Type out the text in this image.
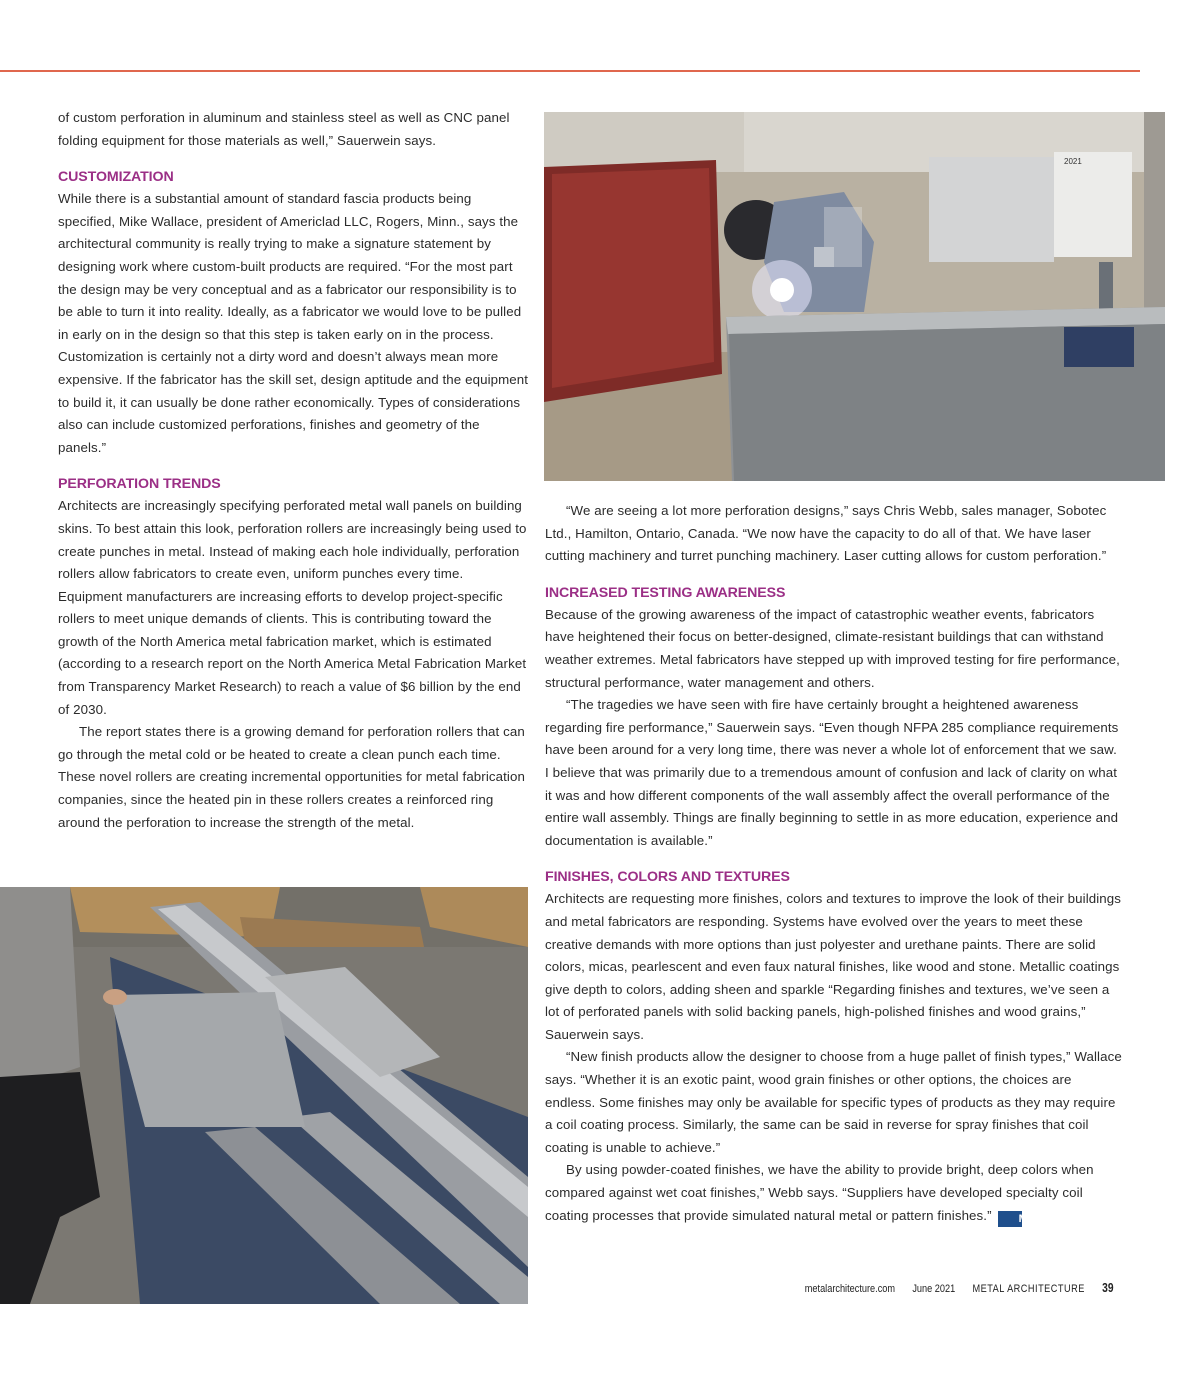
of custom perforation in aluminum and stainless steel as well as CNC panel folding equipment for those materials as well,” Sauerwein says.

CUSTOMIZATION

While there is a substantial amount of standard fascia products being specified, Mike Wallace, president of Americlad LLC, Rogers, Minn., says the architectural community is really trying to make a signature statement by designing work where custom-built products are required. “For the most part the design may be very conceptual and as a fabricator our responsibility is to be able to turn it into reality. Ideally, as a fabricator we would love to be pulled in early on in the design so that this step is taken early on in the process. Customization is certainly not a dirty word and doesn’t always mean more expensive. If the fabricator has the skill set, design aptitude and the equipment to build it, it can usually be done rather economically. Types of considerations also can include customized perforations, finishes and geometry of the panels.”

PERFORATION TRENDS

Architects are increasingly specifying perforated metal wall panels on building skins. To best attain this look, perforation rollers are increasingly being used to create punches in metal. Instead of making each hole individually, perforation rollers allow fabricators to create even, uniform punches every time. Equipment manufacturers are increasing efforts to develop project-specific rollers to meet unique demands of clients. This is contributing toward the growth of the North America metal fabrication market, which is estimated (according to a research report on the North America Metal Fabrication Market from Transparency Market Research) to reach a value of $6 billion by the end of 2030.

The report states there is a growing demand for perforation rollers that can go through the metal cold or be heated to create a clean punch each time. These novel rollers are creating incremental opportunities for metal fabrication companies, since the heated pin in these rollers creates a reinforced ring around the perforation to increase the strength of the metal.

2021

“We are seeing a lot more perforation designs,” says Chris Webb, sales manager, Sobotec Ltd., Hamilton, Ontario, Canada. “We now have the capacity to do all of that. We have laser cutting machinery and turret punching machinery. Laser cutting allows for custom perforation.”

INCREASED TESTING AWARENESS

Because of the growing awareness of the impact of catastrophic weather events, fabricators have heightened their focus on better-designed, climate-resistant buildings that can withstand weather extremes. Metal fabricators have stepped up with improved testing for fire performance, structural performance, water management and others.

“The tragedies we have seen with fire have certainly brought a heightened awareness regarding fire performance,” Sauerwein says. “Even though NFPA 285 compliance requirements have been around for a very long time, there was never a whole lot of enforcement that we saw. I believe that was primarily due to a tremendous amount of confusion and lack of clarity on what it was and how different components of the wall assembly affect the overall performance of the entire wall assembly. Things are finally beginning to settle in as more education, experience and documentation is available.”

FINISHES, COLORS AND TEXTURES

Architects are requesting more finishes, colors and textures to improve the look of their buildings and metal fabricators are responding. Systems have evolved over the years to meet these creative demands with more options than just polyester and urethane paints. There are solid colors, micas, pearlescent and even faux natural finishes, like wood and stone. Metallic coatings give depth to colors, adding sheen and sparkle “Regarding finishes and textures, we’ve seen a lot of perforated panels with solid backing panels, high-polished finishes and wood grains,” Sauerwein says.

“New finish products allow the designer to choose from a huge pallet of finish types,” Wallace says. “Whether it is an exotic paint, wood grain finishes or other options, the choices are endless. Some finishes may only be available for specific types of products as they may require a coil coating process. Similarly, the same can be said in reverse for spray finishes that coil coating is unable to achieve.”

By using powder-coated finishes, we have the ability to provide bright, deep colors when compared against wet coat finishes,” Webb says. “Suppliers have developed specialty coil coating processes that provide simulated natural metal or pattern finishes.” Ma

metalarchitecture.com June 2021 METAL ARCHITECTURE 39
